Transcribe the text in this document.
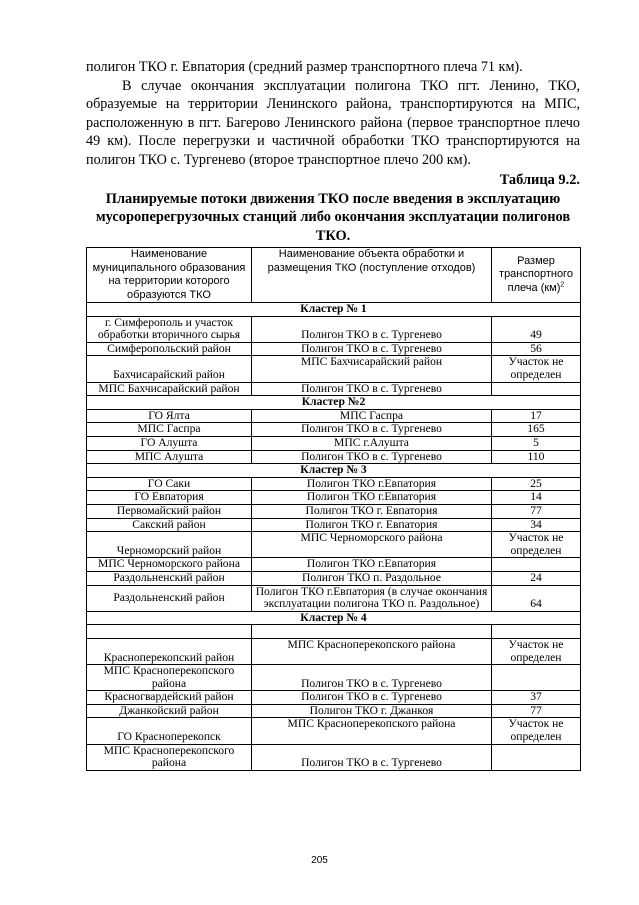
полигон ТКО г. Евпатория (средний размер транспортного плеча 71 км).

В случае окончания эксплуатации полигона ТКО пгт. Ленино, ТКО, образуемые на территории Ленинского района, транспортируются на МПС, расположенную в пгт. Багерово Ленинского района (первое транспортное плечо 49 км). После перегрузки и частичной обработки ТКО транспортируются на полигон ТКО с. Тургенево (второе транспортное плечо 200 км).

Таблица 9.2.
Планируемые потоки движения ТКО после введения в эксплуатацию мусороперегрузочных станций либо окончания эксплуатации полигонов ТКО.
Наименование муниципального образования на территории которого образуются ТКО	Наименование объекта обработки и размещения ТКО (поступление отходов)	Размер транспортного плеча (км)$^2$
Кластер № 1		
г. Симферополь и участок обработки вторичного сырья	Полигон ТКО в с. Тургенево	49
Симферопольский район	Полигон ТКО в с. Тургенево	56
Бахчисарайский район	МПС Бахчисарайский район	Участок не определен
МПС Бахчисарайский район	Полигон ТКО в с. Тургенево	
Кластер №2		
ГО Ялта	МПС Гаспра	17
МПС Гаспра	Полигон ТКО в с. Тургенево	165
ГО Алушта	МПС г.Алушта	5
МПС Алушта	Полигон ТКО в с. Тургенево	110
Кластер № 3		
ГО Саки	Полигон ТКО г.Евпатория	25
ГО Евпатория	Полигон ТКО г.Евпатория	14
Первомайский район	Полигон ТКО г. Евпатория	77
Сакский район	Полигон ТКО г. Евпатория	34
Черноморский район	МПС Черноморского района	Участок не определен
МПС Черноморского района	Полигон ТКО г.Евпатория	
Раздольненский район	Полигон ТКО п. Раздольное	24
Раздольненский район	Полигон ТКО г.Евпатория (в случае окончания эксплуатации полигона ТКО п. Раздольное)	64
Кластер № 4		

Красноперекопский район	МПС Красноперекопского района	Участок не определен
МПС Красноперекопского района	Полигон ТКО в с. Тургенево	
Красногвардейский район	Полигон ТКО в с. Тургенево	37
Джанкойский район	Полигон ТКО г. Джанкоя	77
ГО Красноперекопск	МПС Красноперекопского района	Участок не определен
МПС Красноперекопского района	Полигон ТКО в с. Тургенево	
205
